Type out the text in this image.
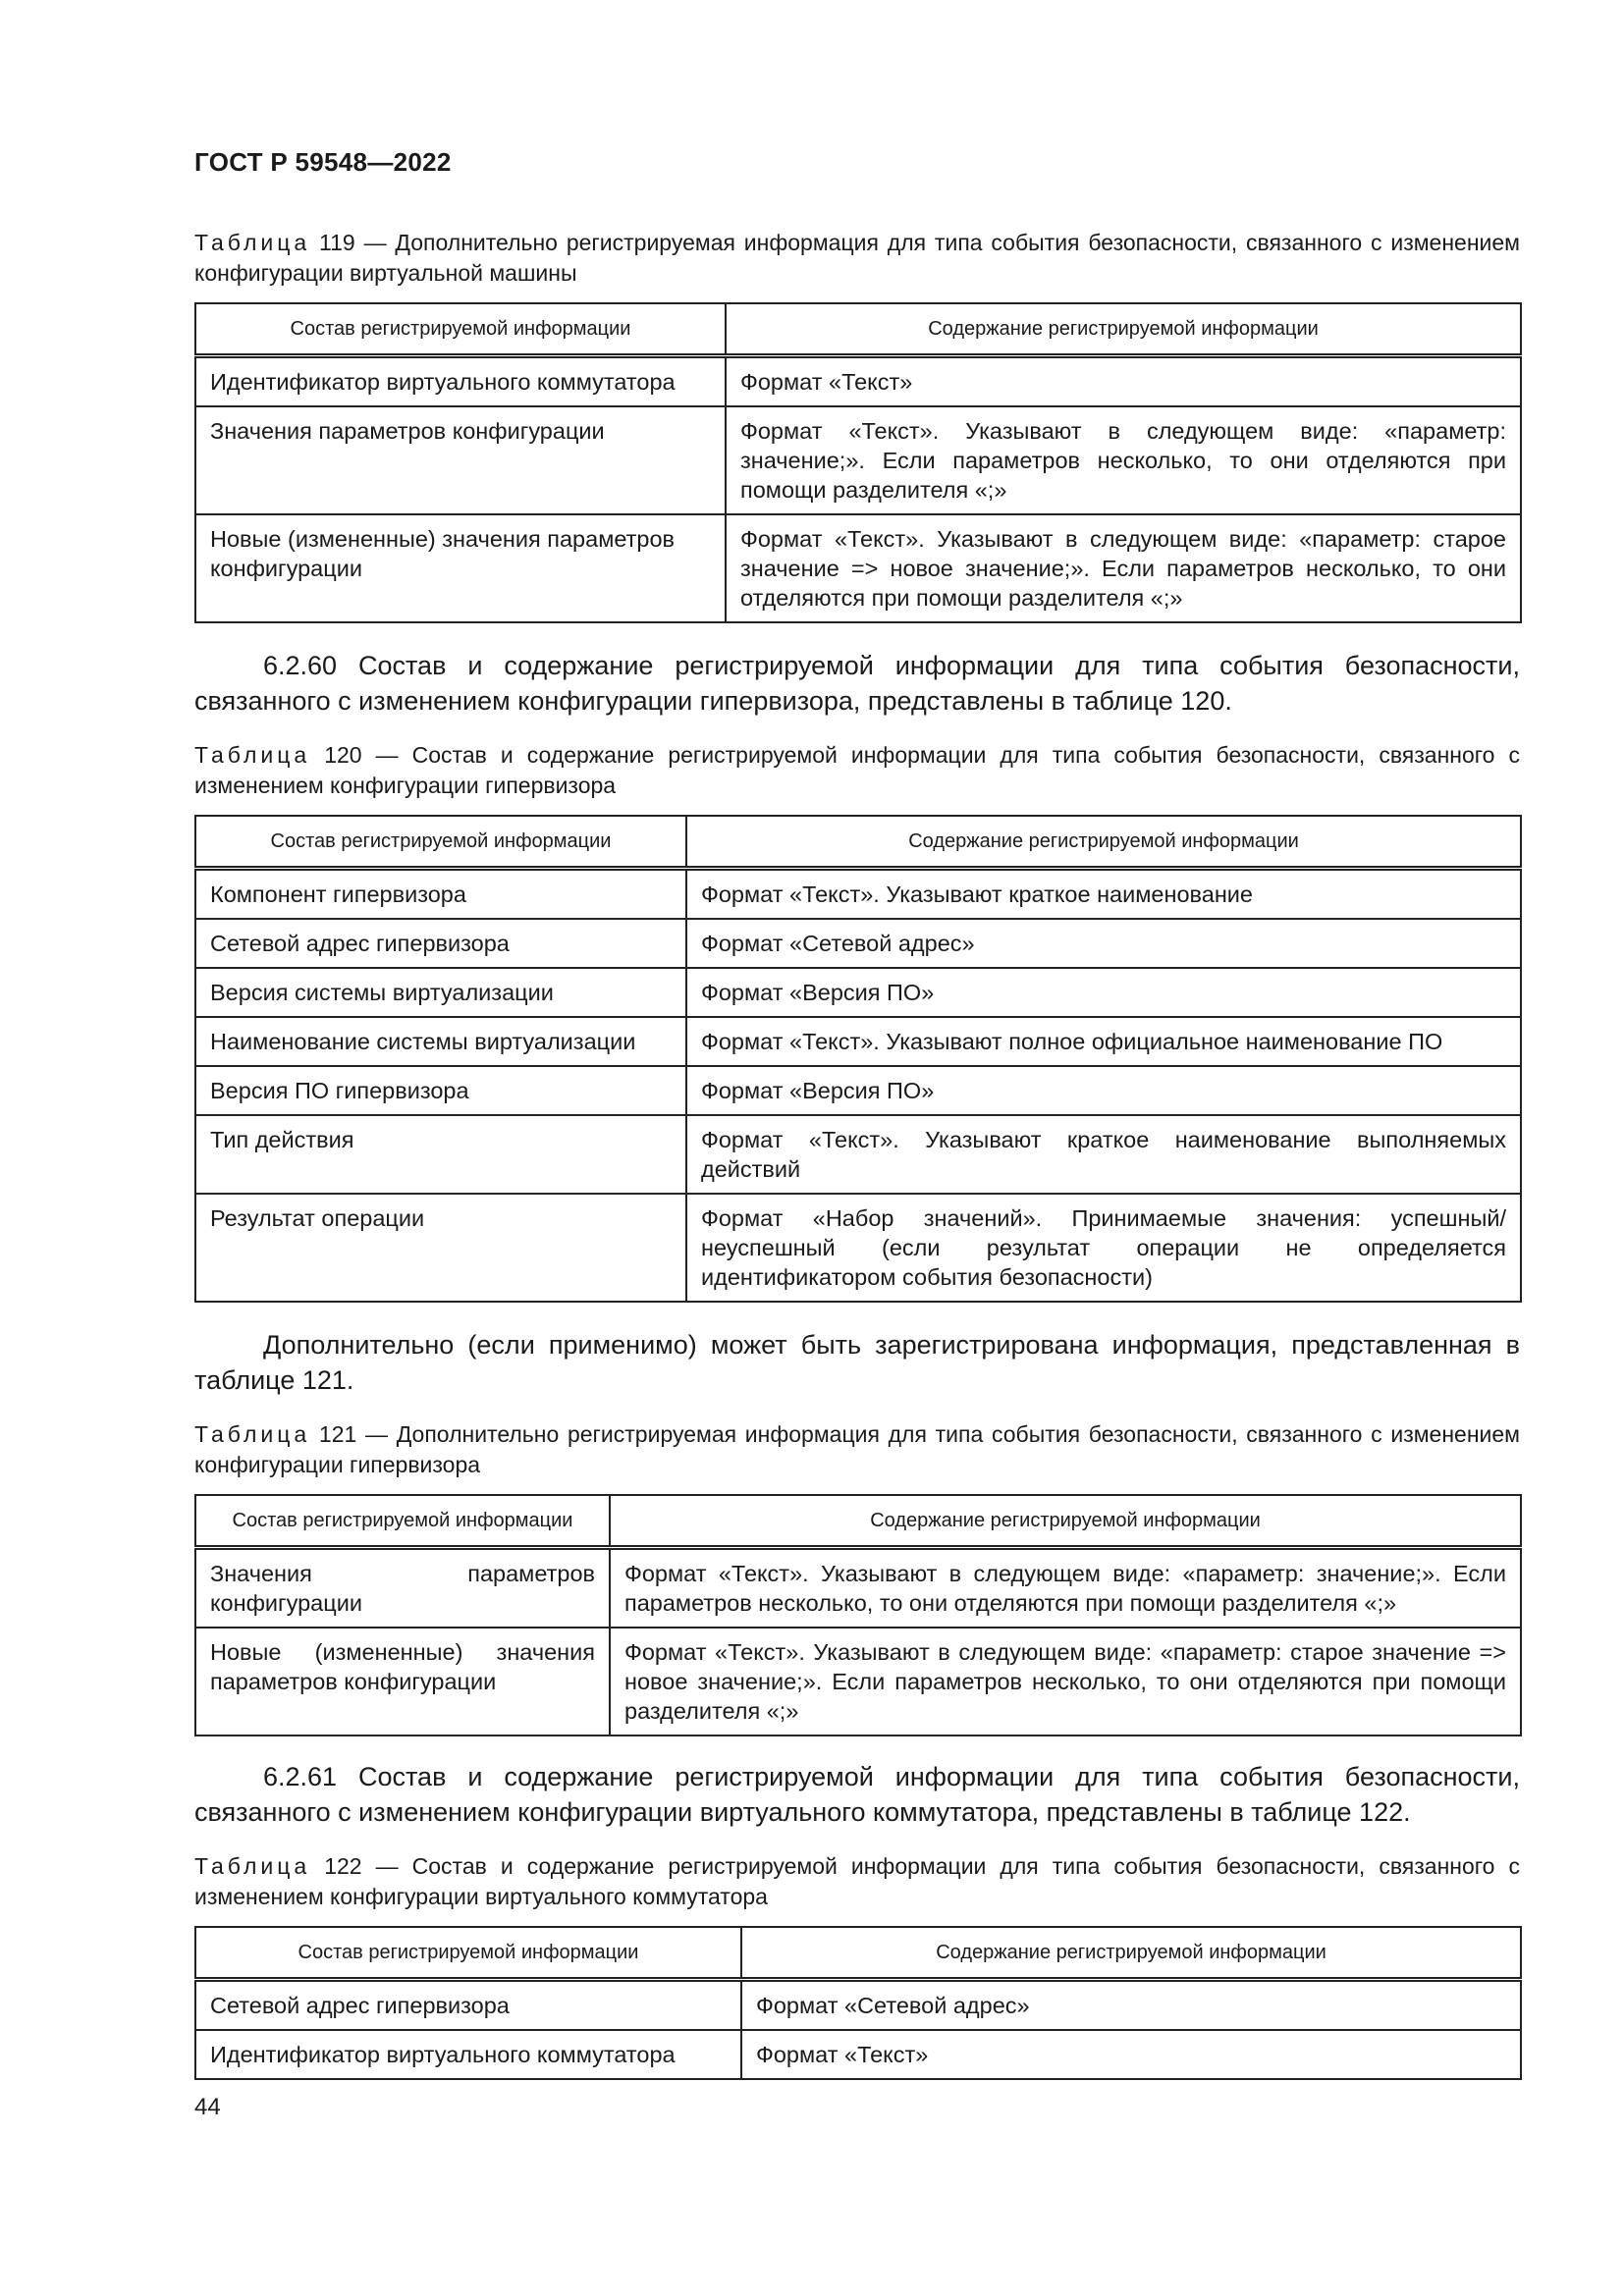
ГОСТ Р 59548—2022
Таблица 119 — Дополнительно регистрируемая информация для типа события безопасности, связанного с изменением конфигурации виртуальной машины
Состав регистрируемой информации	Содержание регистрируемой информации
Идентификатор виртуального коммутатора	Формат «Текст»
Значения параметров конфигурации	Формат «Текст». Указывают в следующем виде: «параметр: значение;». Если параметров несколько, то они отделяются при помощи разделителя «;»
Новые (измененные) значения параметров конфигурации	Формат «Текст». Указывают в следующем виде: «параметр: старое значение => новое значение;». Если параметров несколько, то они отделяются при помощи разделителя «;»
6.2.60 Состав и содержание регистрируемой информации для типа события безопасности, связанного с изменением конфигурации гипервизора, представлены в таблице 120.
Таблица 120 — Состав и содержание регистрируемой информации для типа события безопасности, связанного с изменением конфигурации гипервизора
Состав регистрируемой информации	Содержание регистрируемой информации
Компонент гипервизора	Формат «Текст». Указывают краткое наименование
Сетевой адрес гипервизора	Формат «Сетевой адрес»
Версия системы виртуализации	Формат «Версия ПО»
Наименование системы виртуализации	Формат «Текст». Указывают полное официальное наименование ПО
Версия ПО гипервизора	Формат «Версия ПО»
Тип действия	Формат «Текст». Указывают краткое наименование выполняемых действий
Результат операции	Формат «Набор значений». Принимаемые значения: успешный/неуспешный (если результат операции не определяется идентификатором события безопасности)
Дополнительно (если применимо) может быть зарегистрирована информация, представленная в таблице 121.
Таблица 121 — Дополнительно регистрируемая информация для типа события безопасности, связанного с изменением конфигурации гипервизора
Состав регистрируемой информации	Содержание регистрируемой информации
Значения параметров конфигурации	Формат «Текст». Указывают в следующем виде: «параметр: значение;». Если параметров несколько, то они отделяются при помощи разделителя «;»
Новые (измененные) значения параметров конфигурации	Формат «Текст». Указывают в следующем виде: «параметр: старое значение => новое значение;». Если параметров несколько, то они отделяются при помощи разделителя «;»
6.2.61 Состав и содержание регистрируемой информации для типа события безопасности, связанного с изменением конфигурации виртуального коммутатора, представлены в таблице 122.
Таблица 122 — Состав и содержание регистрируемой информации для типа события безопасности, связанного с изменением конфигурации виртуального коммутатора
Состав регистрируемой информации	Содержание регистрируемой информации
Сетевой адрес гипервизора	Формат «Сетевой адрес»
Идентификатор виртуального коммутатора	Формат «Текст»
44
